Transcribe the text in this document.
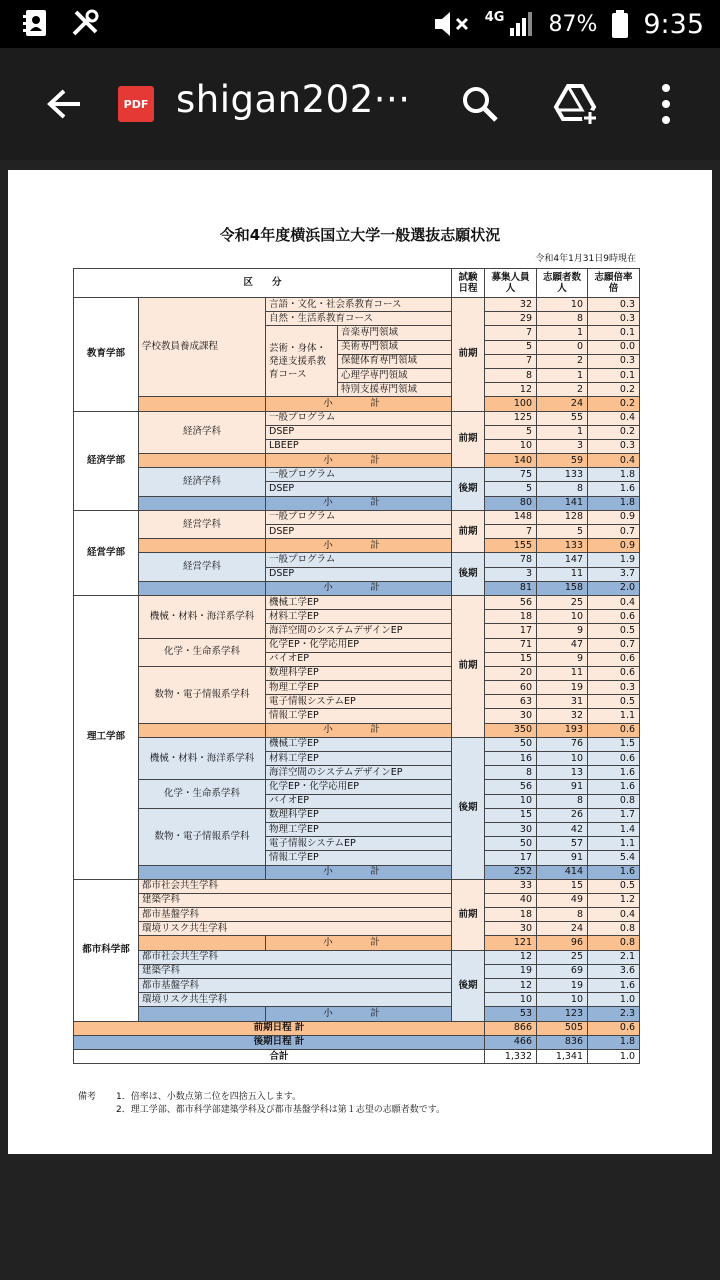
4G 87% 9:35
PDF shigan202···
令和4年度横浜国立大学一般選抜志願状況
令和4年1月31日9時現在
区　　分				試験日程	募集人員人	志願者数人	志願倍率倍
教育学部	学校教員養成課程	言語・文化・社会系教育コース		前期	32	10	0.3
		自然・生活系教育コース			29	8	0.3
		芸術・身体・発達支援系教育コース	音楽専門領域		7	1	0.1
			美術専門領域		5	0	0.0
			保健体育専門領域		7	2	0.3
			心理学専門領域		8	1	0.1
			特別支援専門領域		12	2	0.2
		小　計			100	24	0.2
経済学部	経済学科	一般プログラム		前期	125	55	0.4
		DSEP			5	1	0.2
		LBEEP			10	3	0.3
		小　計			140	59	0.4
	経済学科	一般プログラム		後期	75	133	1.8
		DSEP			5	8	1.6
		小　計			80	141	1.8
経営学部	経営学科	一般プログラム		前期	148	128	0.9
		DSEP			7	5	0.7
		小　計			155	133	0.9
	経営学科	一般プログラム		後期	78	147	1.9
		DSEP			3	11	3.7
		小　計			81	158	2.0
理工学部	機械・材料・海洋系学科	機械工学EP		前期	56	25	0.4
		材料工学EP			18	10	0.6
		海洋空間のシステムデザインEP			17	9	0.5
	化学・生命系学科	化学EP・化学応用EP			71	47	0.7
		バイオEP			15	9	0.6
	数物・電子情報系学科	数理科学EP			20	11	0.6
		物理工学EP			60	19	0.3
		電子情報システムEP			63	31	0.5
		情報工学EP			30	32	1.1
		小　計			350	193	0.6
	機械・材料・海洋系学科	機械工学EP		後期	50	76	1.5
		材料工学EP			16	10	0.6
		海洋空間のシステムデザインEP			8	13	1.6
	化学・生命系学科	化学EP・化学応用EP			56	91	1.6
		バイオEP			10	8	0.8
	数物・電子情報系学科	数理科学EP			15	26	1.7
		物理工学EP			30	42	1.4
		電子情報システムEP			50	57	1.1
		情報工学EP			17	91	5.4
		小　計			252	414	1.6
都市科学部	都市社会共生学科			前期	33	15	0.5
	建築学科				40	49	1.2
	都市基盤学科				18	8	0.4
	環境リスク共生学科				30	24	0.8
		小　計			121	96	0.8
	都市社会共生学科			後期	12	25	2.1
	建築学科				19	69	3.6
	都市基盤学科				12	19	1.6
	環境リスク共生学科				10	10	1.0
		小　計			53	123	2.3
前期日程 計					866	505	0.6
後期日程 計					466	836	1.8
合計					1,332	1,341	1.0
備考 1．倍率は、小数点第二位を四捨五入します。
2．理工学部、都市科学部建築学科及び都市基盤学科は第１志望の志願者数です。
